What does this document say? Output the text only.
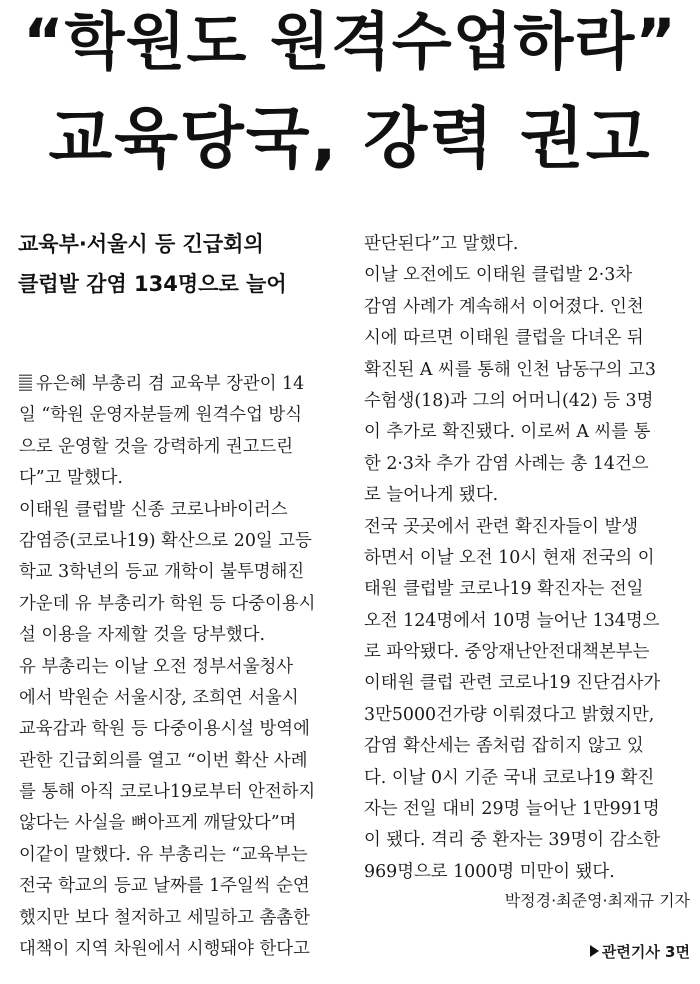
“학원도 원격수업하라”
교육당국, 강력 권고
교육부·서울시 등 긴급회의
클럽발 감염 134명으로 늘어
유은혜 부총리 겸 교육부 장관이 14
일 “학원 운영자분들께 원격수업 방식
으로 운영할 것을 강력하게 권고드린
다”고 말했다.
이태원 클럽발 신종 코로나바이러스
감염증(코로나19) 확산으로 20일 고등
학교 3학년의 등교 개학이 불투명해진
가운데 유 부총리가 학원 등 다중이용시
설 이용을 자제할 것을 당부했다.
유 부총리는 이날 오전 정부서울청사
에서 박원순 서울시장, 조희연 서울시
교육감과 학원 등 다중이용시설 방역에
관한 긴급회의를 열고 “이번 확산 사례
를 통해 아직 코로나19로부터 안전하지
않다는 사실을 뼈아프게 깨달았다”며
이같이 말했다. 유 부총리는 “교육부는
전국 학교의 등교 날짜를 1주일씩 순연
했지만 보다 철저하고 세밀하고 촘촘한
대책이 지역 차원에서 시행돼야 한다고
판단된다”고 말했다.
이날 오전에도 이태원 클럽발 2·3차
감염 사례가 계속해서 이어졌다. 인천
시에 따르면 이태원 클럽을 다녀온 뒤
확진된 A 씨를 통해 인천 남동구의 고3
수험생(18)과 그의 어머니(42) 등 3명
이 추가로 확진됐다. 이로써 A 씨를 통
한 2·3차 추가 감염 사례는 총 14건으
로 늘어나게 됐다.
전국 곳곳에서 관련 확진자들이 발생
하면서 이날 오전 10시 현재 전국의 이
태원 클럽발 코로나19 확진자는 전일
오전 124명에서 10명 늘어난 134명으
로 파악됐다. 중앙재난안전대책본부는
이태원 클럽 관련 코로나19 진단검사가
3만5000건가량 이뤄졌다고 밝혔지만,
감염 확산세는 좀처럼 잡히지 않고 있
다. 이날 0시 기준 국내 코로나19 확진
자는 전일 대비 29명 늘어난 1만991명
이 됐다. 격리 중 환자는 39명이 감소한
969명으로 1000명 미만이 됐다.
박정경·최준영·최재규 기자
관련기사 3면
